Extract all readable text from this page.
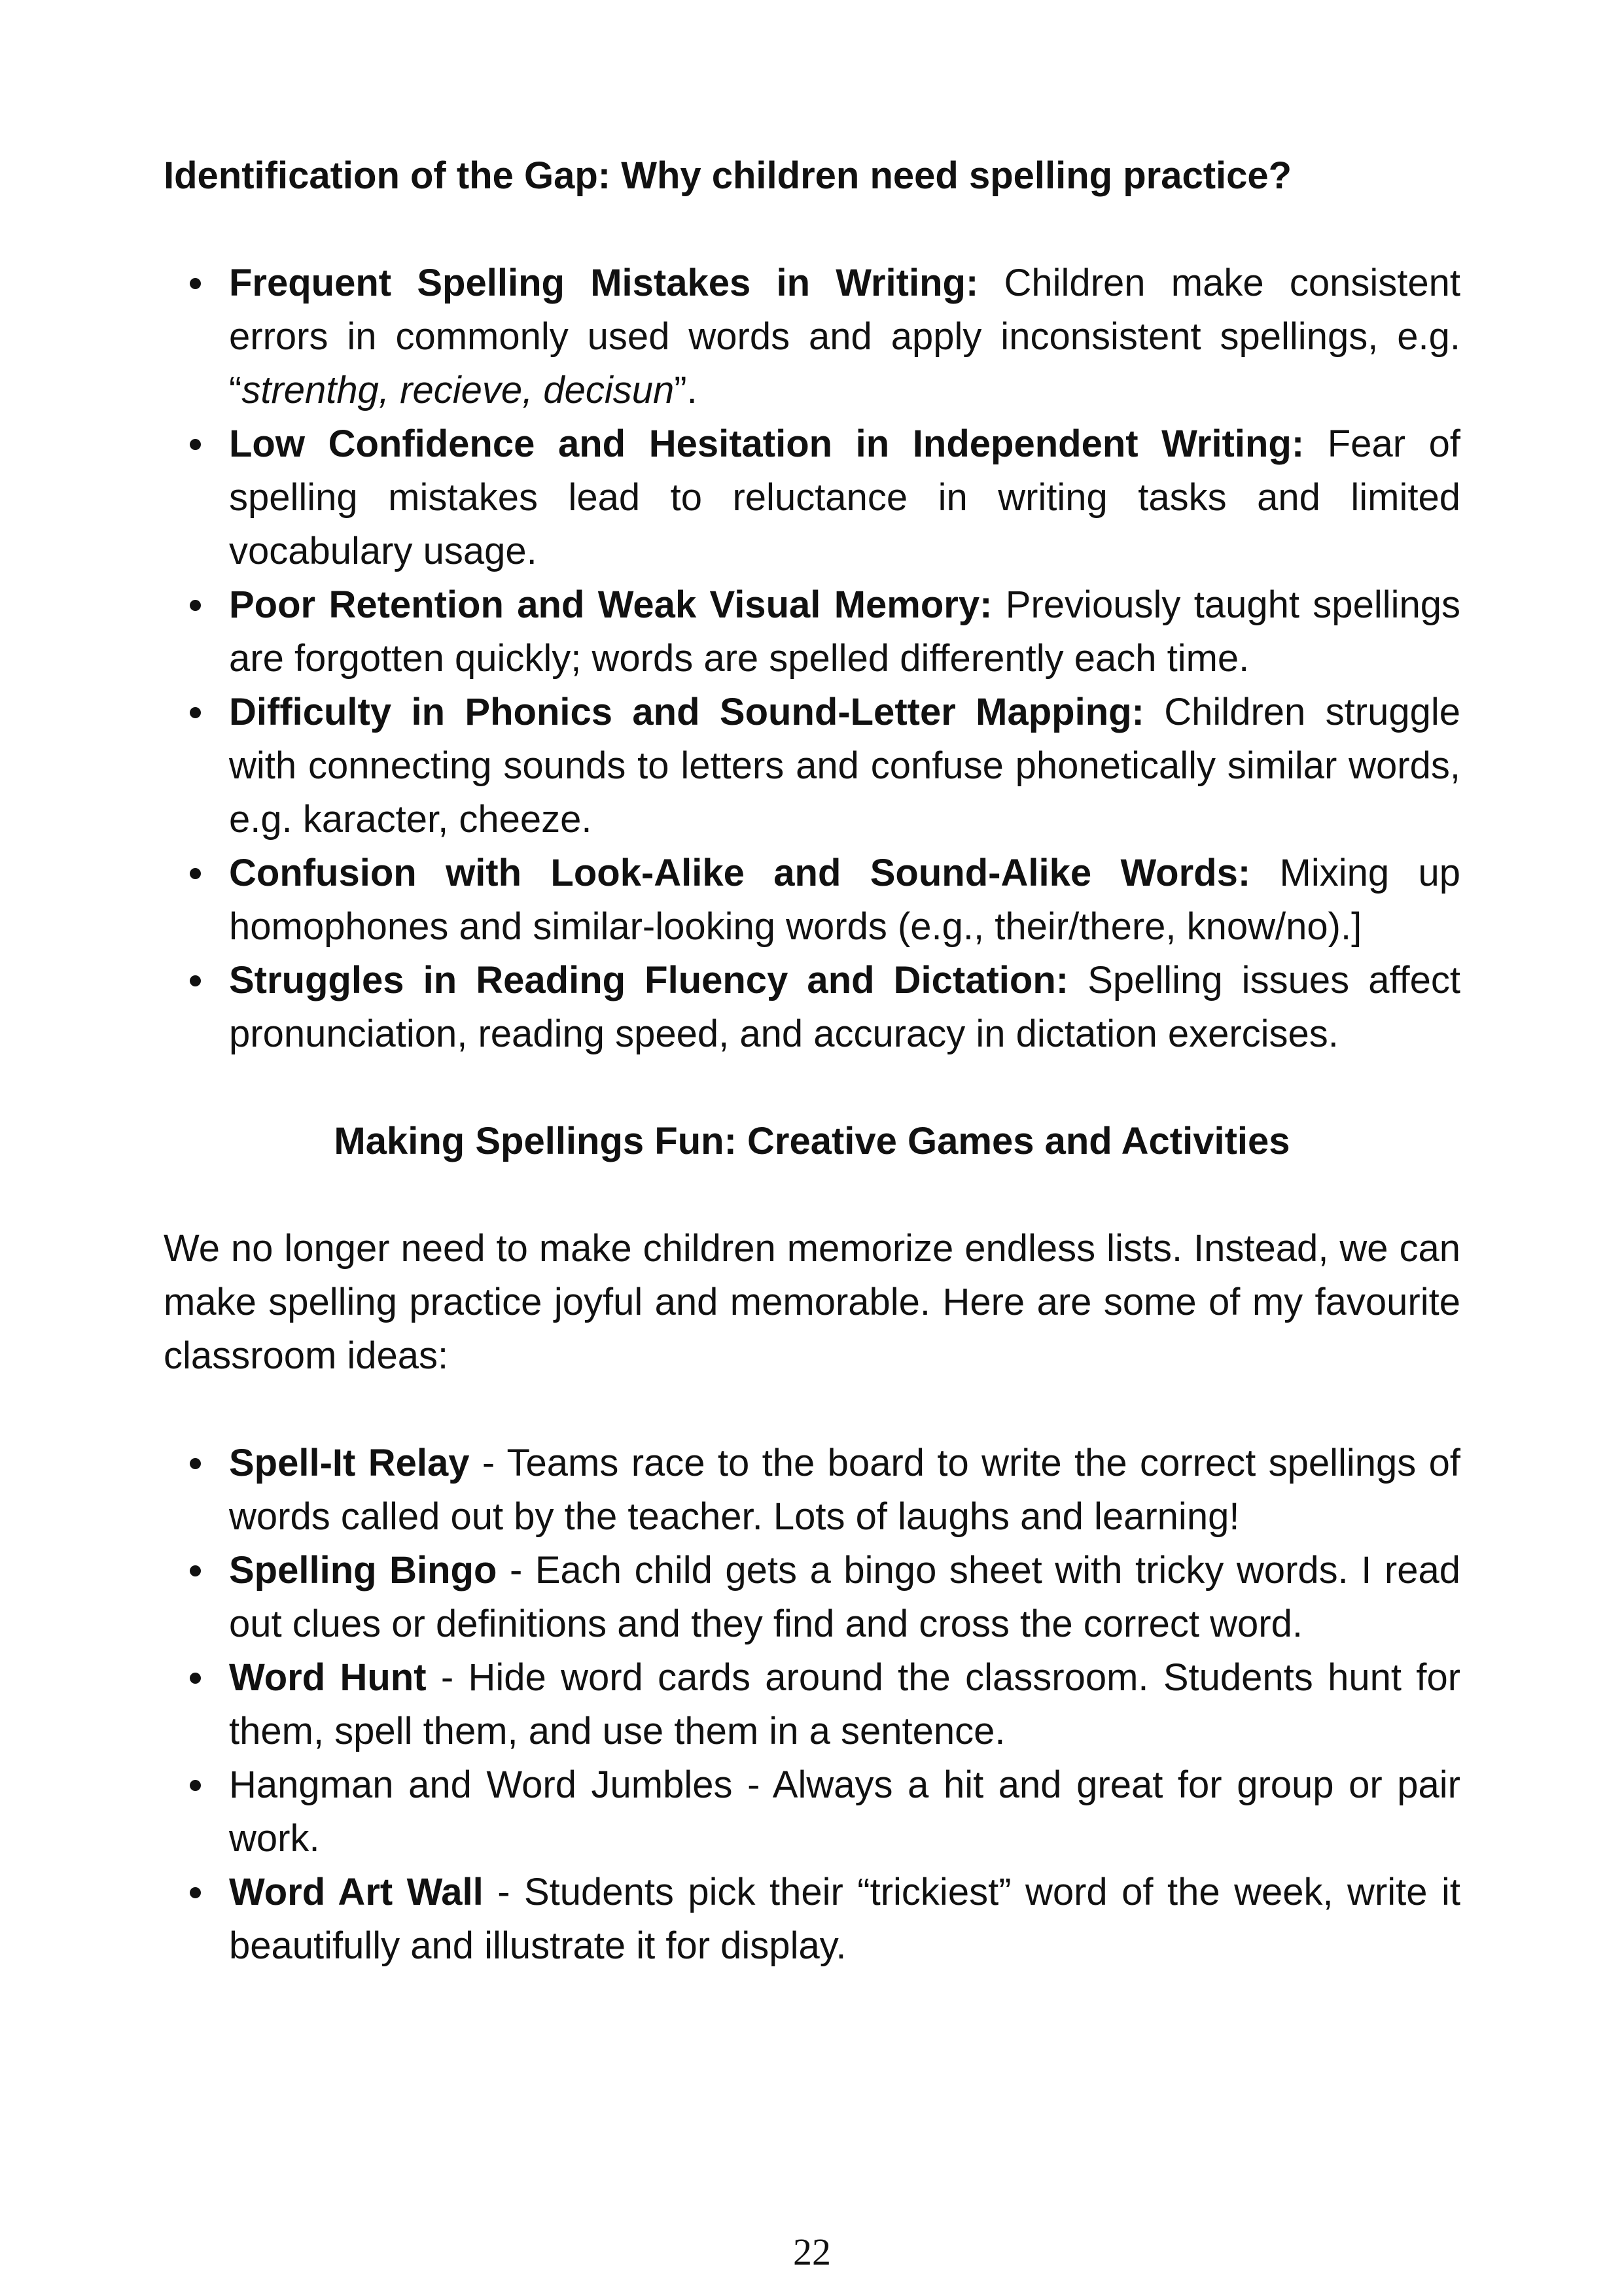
Identification of the Gap: Why children need spelling practice?
Frequent Spelling Mistakes in Writing: Children make consistent errors in commonly used words and apply inconsistent spellings, e.g. “strenthg, recieve, decisun”.
Low Confidence and Hesitation in Independent Writing: Fear of spelling mistakes lead to reluctance in writing tasks and limited vocabulary usage.
Poor Retention and Weak Visual Memory: Previously taught spellings are forgotten quickly; words are spelled differently each time.
Difficulty in Phonics and Sound-Letter Mapping: Children struggle with connecting sounds to letters and confuse phonetically similar words, e.g. karacter, cheeze.
Confusion with Look-Alike and Sound-Alike Words: Mixing up homophones and similar-looking words (e.g., their/there, know/no).]
Struggles in Reading Fluency and Dictation: Spelling issues affect pronunciation, reading speed, and accuracy in dictation exercises.
Making Spellings Fun: Creative Games and Activities

We no longer need to make children memorize endless lists. Instead, we can make spelling practice joyful and memorable. Here are some of my favourite classroom ideas:

Spell-It Relay - Teams race to the board to write the correct spellings of words called out by the teacher. Lots of laughs and learning!
Spelling Bingo - Each child gets a bingo sheet with tricky words. I read out clues or definitions and they find and cross the correct word.
Word Hunt - Hide word cards around the classroom. Students hunt for them, spell them, and use them in a sentence.
Hangman and Word Jumbles - Always a hit and great for group or pair work.
Word Art Wall - Students pick their “trickiest” word of the week, write it beautifully and illustrate it for display.
22
